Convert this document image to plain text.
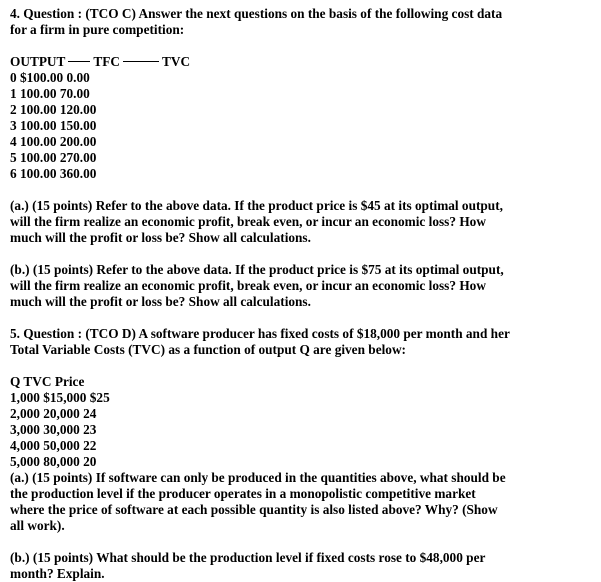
4. Question : (TCO C) Answer the next questions on the basis of the following cost data
for a firm in pure competition:
OUTPUT TFC	TVC
0 $100.00 0.00
1 100.00 70.00
2 100.00 120.00
3 100.00 150.00
4 100.00 200.00
5 100.00 270.00
6 100.00 360.00
(a.) (15 points) Refer to the above data. If the product price is $45 at its optimal output,
will the firm realize an economic profit, break even, or incur an economic loss? How
much will the profit or loss be? Show all calculations.
(b.) (15 points) Refer to the above data. If the product price is $75 at its optimal output,
will the firm realize an economic profit, break even, or incur an economic loss? How
much will the profit or loss be? Show all calculations.
5. Question : (TCO D) A software producer has fixed costs of $18,000 per month and her
Total Variable Costs (TVC) as a function of output Q are given below:
Q TVC Price
1,000 $15,000 $25
2,000 20,000 24
3,000 30,000 23
4,000 50,000 22
5,000 80,000 20
(a.) (15 points) If software can only be produced in the quantities above, what should be
the production level if the producer operates in a monopolistic competitive market
where the price of software at each possible quantity is also listed above? Why? (Show
all work).
(b.) (15 points) What should be the production level if fixed costs rose to $48,000 per
month? Explain.
